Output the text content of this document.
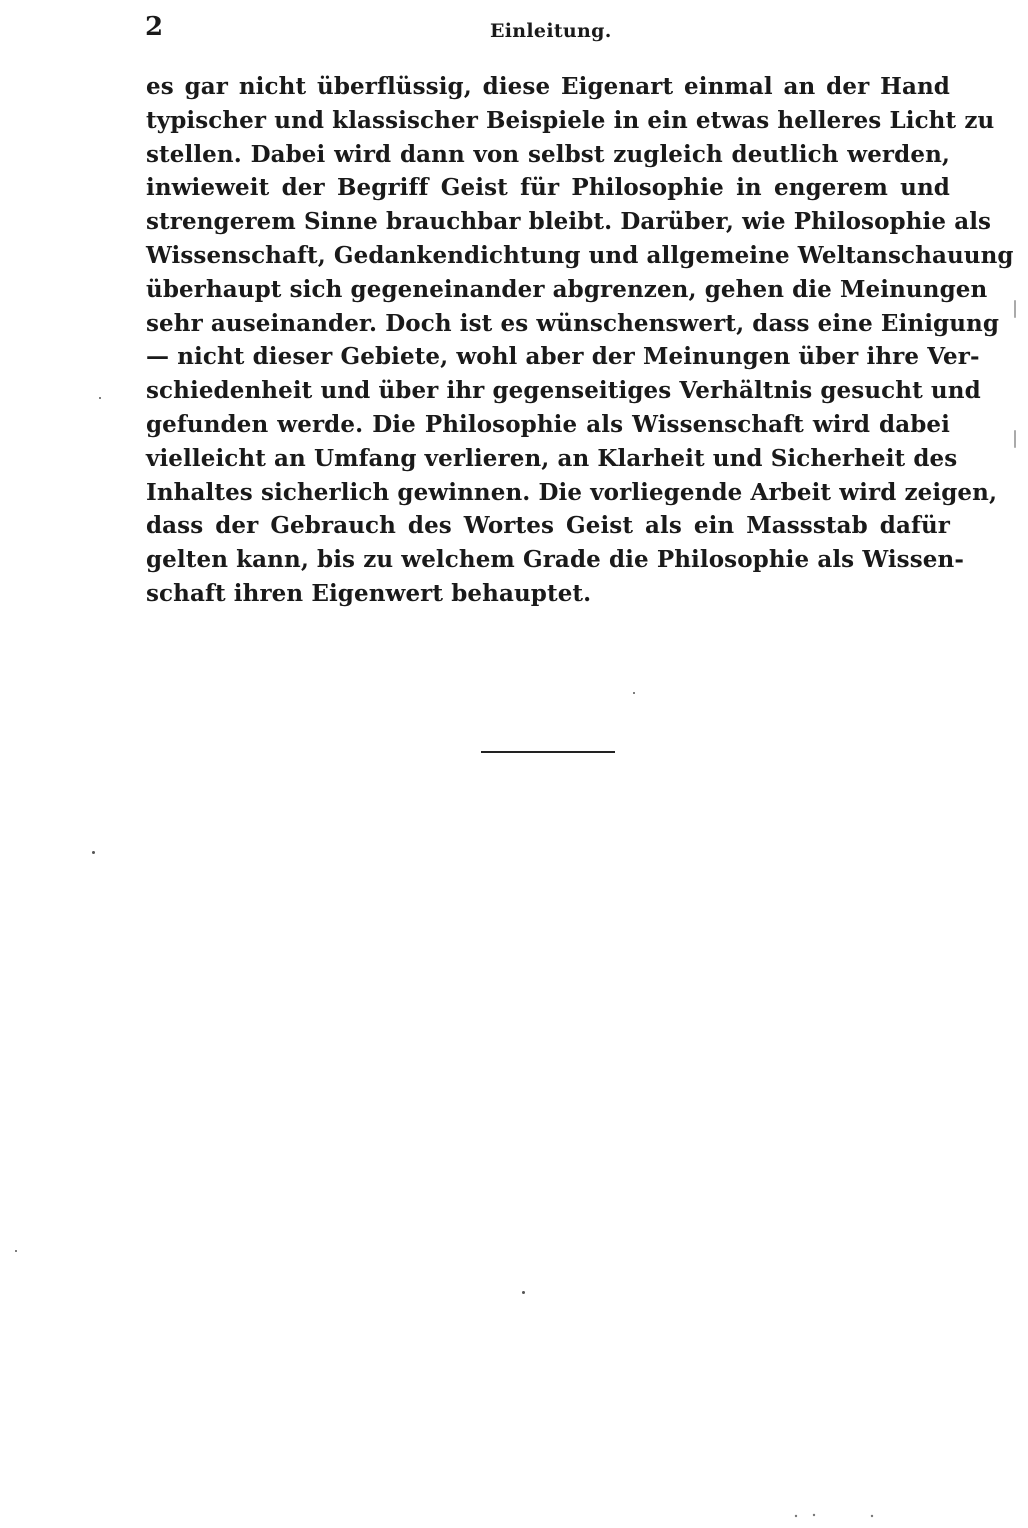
2	Einleitung.
es gar nicht überflüssig, diese Eigenart einmal an der Hand
typischer und klassischer Beispiele in ein etwas helleres Licht zu
stellen. Dabei wird dann von selbst zugleich deutlich werden,
inwieweit der Begriff Geist für Philosophie in engerem und
strengerem Sinne brauchbar bleibt. Darüber, wie Philosophie als
Wissenschaft, Gedankendichtung und allgemeine Weltanschauung
überhaupt sich gegeneinander abgrenzen, gehen die Meinungen
sehr auseinander. Doch ist es wünschenswert, dass eine Einigung
— nicht dieser Gebiete, wohl aber der Meinungen über ihre Ver-
schiedenheit und über ihr gegenseitiges Verhältnis gesucht und
gefunden werde. Die Philosophie als Wissenschaft wird dabei
vielleicht an Umfang verlieren, an Klarheit und Sicherheit des
Inhaltes sicherlich gewinnen. Die vorliegende Arbeit wird zeigen,
dass der Gebrauch des Wortes Geist als ein Massstab dafür
gelten kann, bis zu welchem Grade die Philosophie als Wissen-
schaft ihren Eigenwert behauptet.
